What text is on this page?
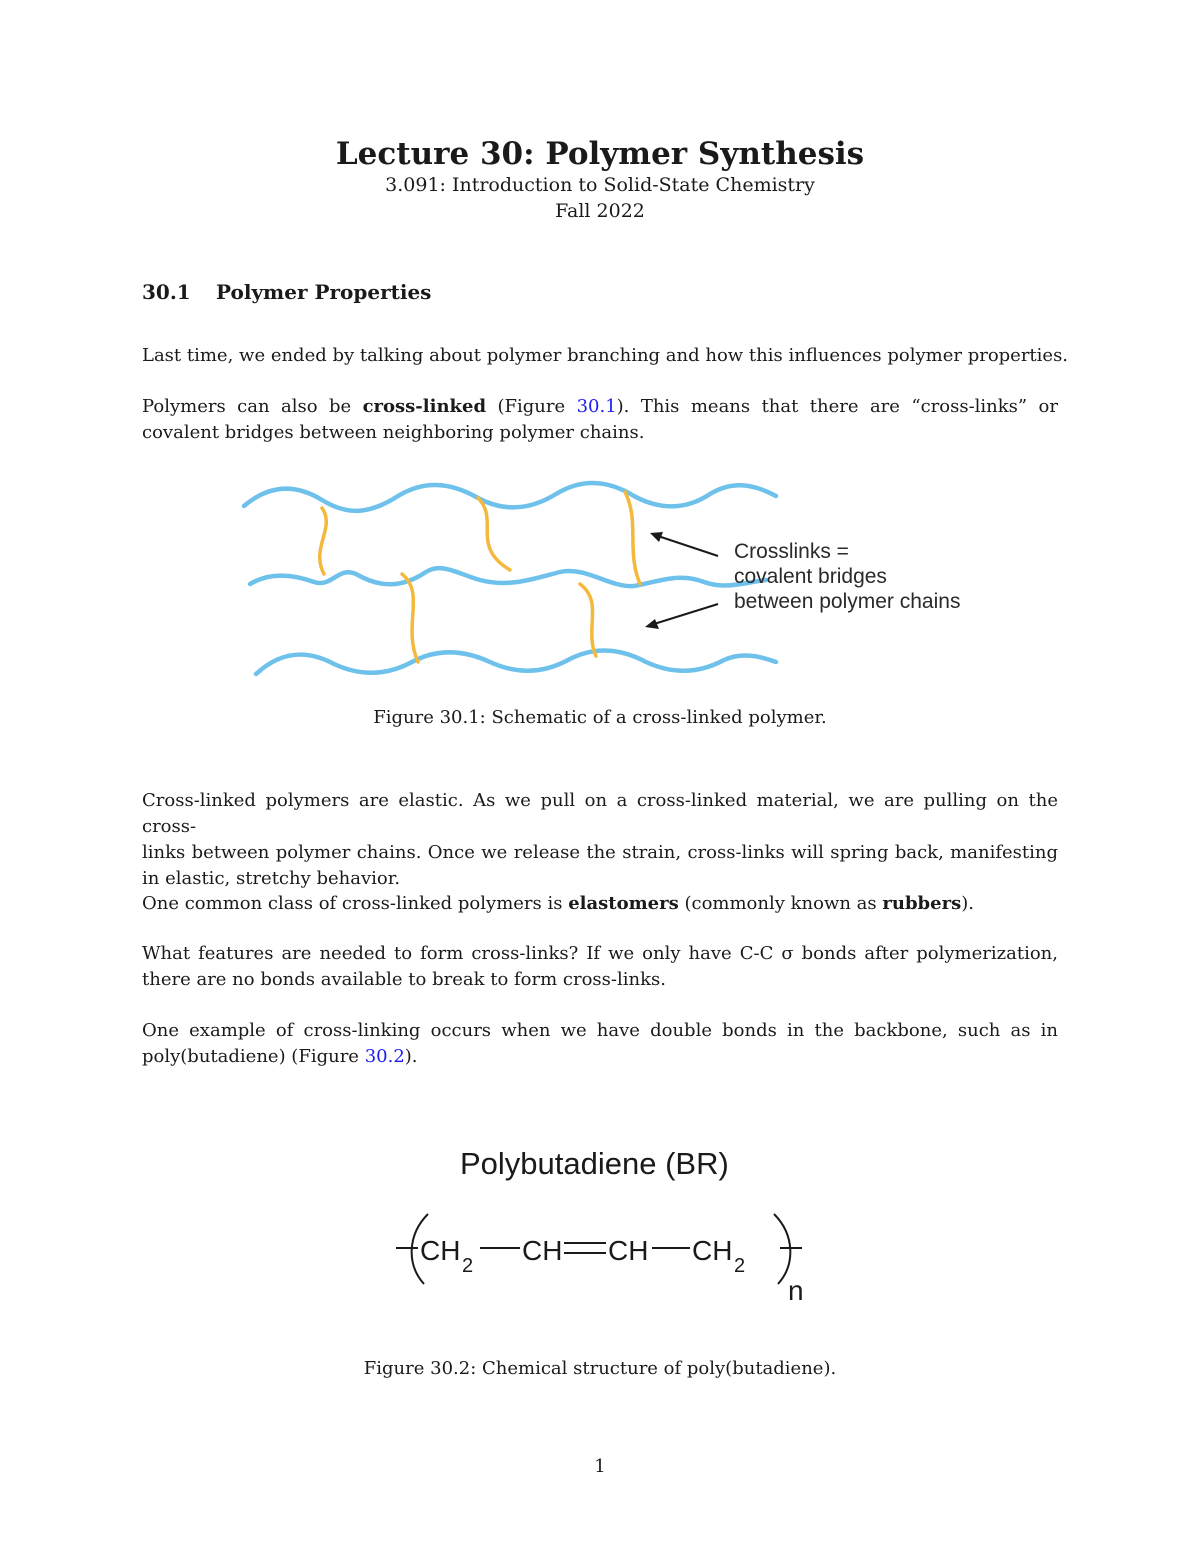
Lecture 30: Polymer Synthesis
3.091: Introduction to Solid-State Chemistry
Fall 2022
30.1 Polymer Properties

Last time, we ended by talking about polymer branching and how this influences polymer properties.

Polymers can also be cross-linked (Figure 30.1). This means that there are “cross-links” or
covalent bridges between neighboring polymer chains.

Crosslinks =
covalent bridges
between polymer chains
Figure 30.1: Schematic of a cross-linked polymer.

Cross-linked polymers are elastic. As we pull on a cross-linked material, we are pulling on the cross-
links between polymer chains. Once we release the strain, cross-links will spring back, manifesting
in elastic, stretchy behavior.

One common class of cross-linked polymers is elastomers (commonly known as rubbers).

What features are needed to form cross-links? If we only have C-C σ bonds after polymerization,
there are no bonds available to break to form cross-links.

One example of cross-linking occurs when we have double bonds in the backbone, such as in
poly(butadiene) (Figure 30.2).

Polybutadiene (BR)
CH 2 CH CH CH 2
n
Figure 30.2: Chemical structure of poly(butadiene).
1
